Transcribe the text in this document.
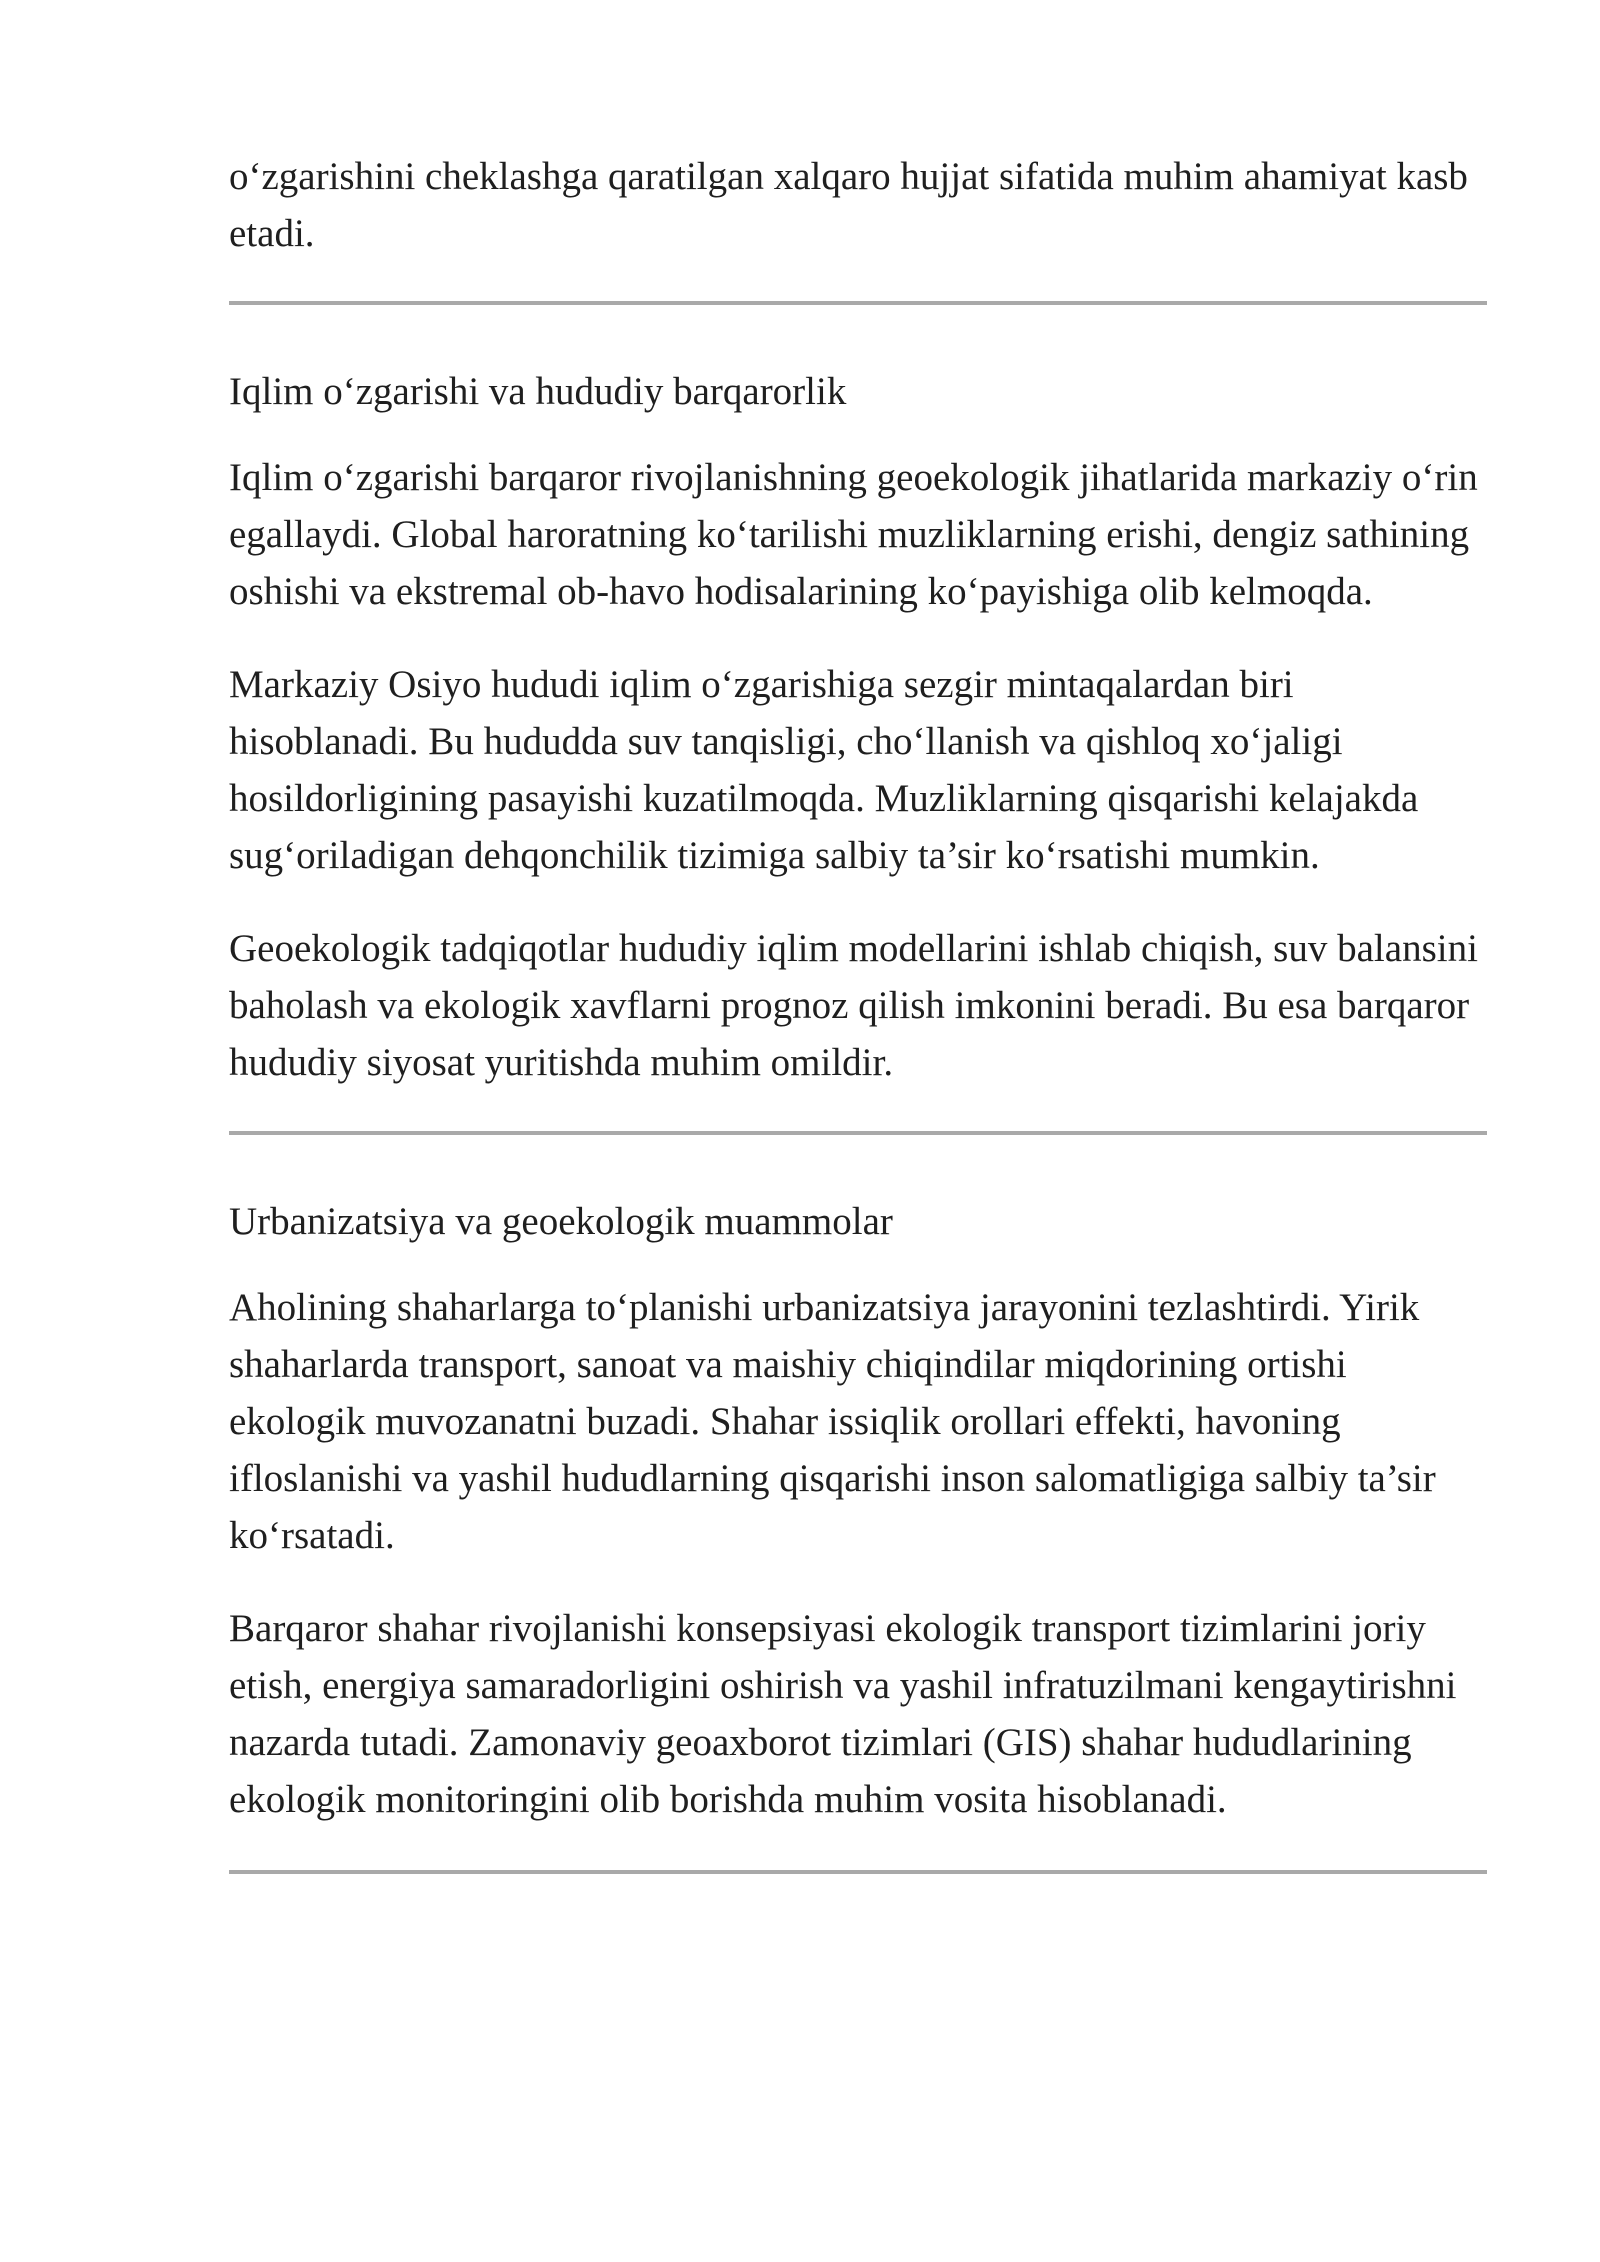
o‘zgarishini cheklashga qaratilgan xalqaro hujjat sifatida muhim ahamiyat kasb etadi.

Iqlim o‘zgarishi va hududiy barqarorlik

Iqlim o‘zgarishi barqaror rivojlanishning geoekologik jihatlarida markaziy o‘rin egallaydi. Global haroratning ko‘tarilishi muzliklarning erishi, dengiz sathining oshishi va ekstremal ob-havo hodisalarining ko‘payishiga olib kelmoqda.

Markaziy Osiyo hududi iqlim o‘zgarishiga sezgir mintaqalardan biri hisoblanadi. Bu hududda suv tanqisligi, cho‘llanish va qishloq xo‘jaligi hosildorligining pasayishi kuzatilmoqda. Muzliklarning qisqarishi kelajakda sug‘oriladigan dehqonchilik tizimiga salbiy ta’sir ko‘rsatishi mumkin.

Geoekologik tadqiqotlar hududiy iqlim modellarini ishlab chiqish, suv balansini baholash va ekologik xavflarni prognoz qilish imkonini beradi. Bu esa barqaror hududiy siyosat yuritishda muhim omildir.

Urbanizatsiya va geoekologik muammolar

Aholining shaharlarga to‘planishi urbanizatsiya jarayonini tezlashtirdi. Yirik shaharlarda transport, sanoat va maishiy chiqindilar miqdorining ortishi ekologik muvozanatni buzadi. Shahar issiqlik orollari effekti, havoning ifloslanishi va yashil hududlarning qisqarishi inson salomatligiga salbiy ta’sir ko‘rsatadi.

Barqaror shahar rivojlanishi konsepsiyasi ekologik transport tizimlarini joriy etish, energiya samaradorligini oshirish va yashil infratuzilmani kengaytirishni nazarda tutadi. Zamonaviy geoaxborot tizimlari (GIS) shahar hududlarining ekologik monitoringini olib borishda muhim vosita hisoblanadi.
